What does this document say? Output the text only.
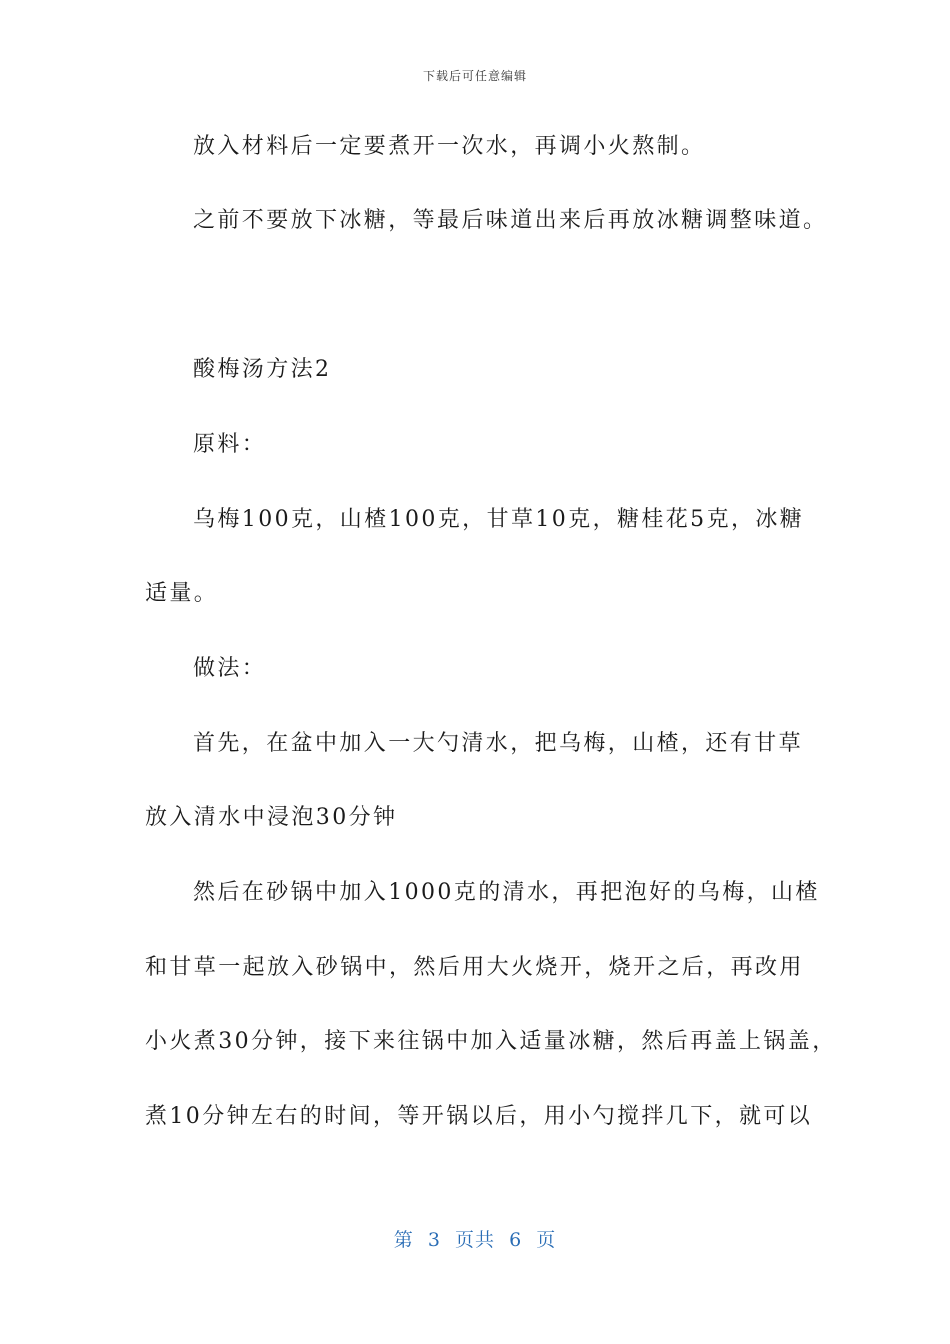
下载后可任意编辑
放入材料后一定要煮开一次水，再调小火熬制。
之前不要放下冰糖，等最后味道出来后再放冰糖调整味道。
酸梅汤方法2
原料：
乌梅100克，山楂100克，甘草10克，糖桂花5克，冰糖
适量。
做法：
首先，在盆中加入一大勺清水，把乌梅，山楂，还有甘草
放入清水中浸泡30分钟
然后在砂锅中加入1000克的清水，再把泡好的乌梅，山楂
和甘草一起放入砂锅中，然后用大火烧开，烧开之后，再改用
小火煮30分钟，接下来往锅中加入适量冰糖，然后再盖上锅盖，
煮10分钟左右的时间，等开锅以后，用小勺搅拌几下，就可以
第  3  页共  6  页
